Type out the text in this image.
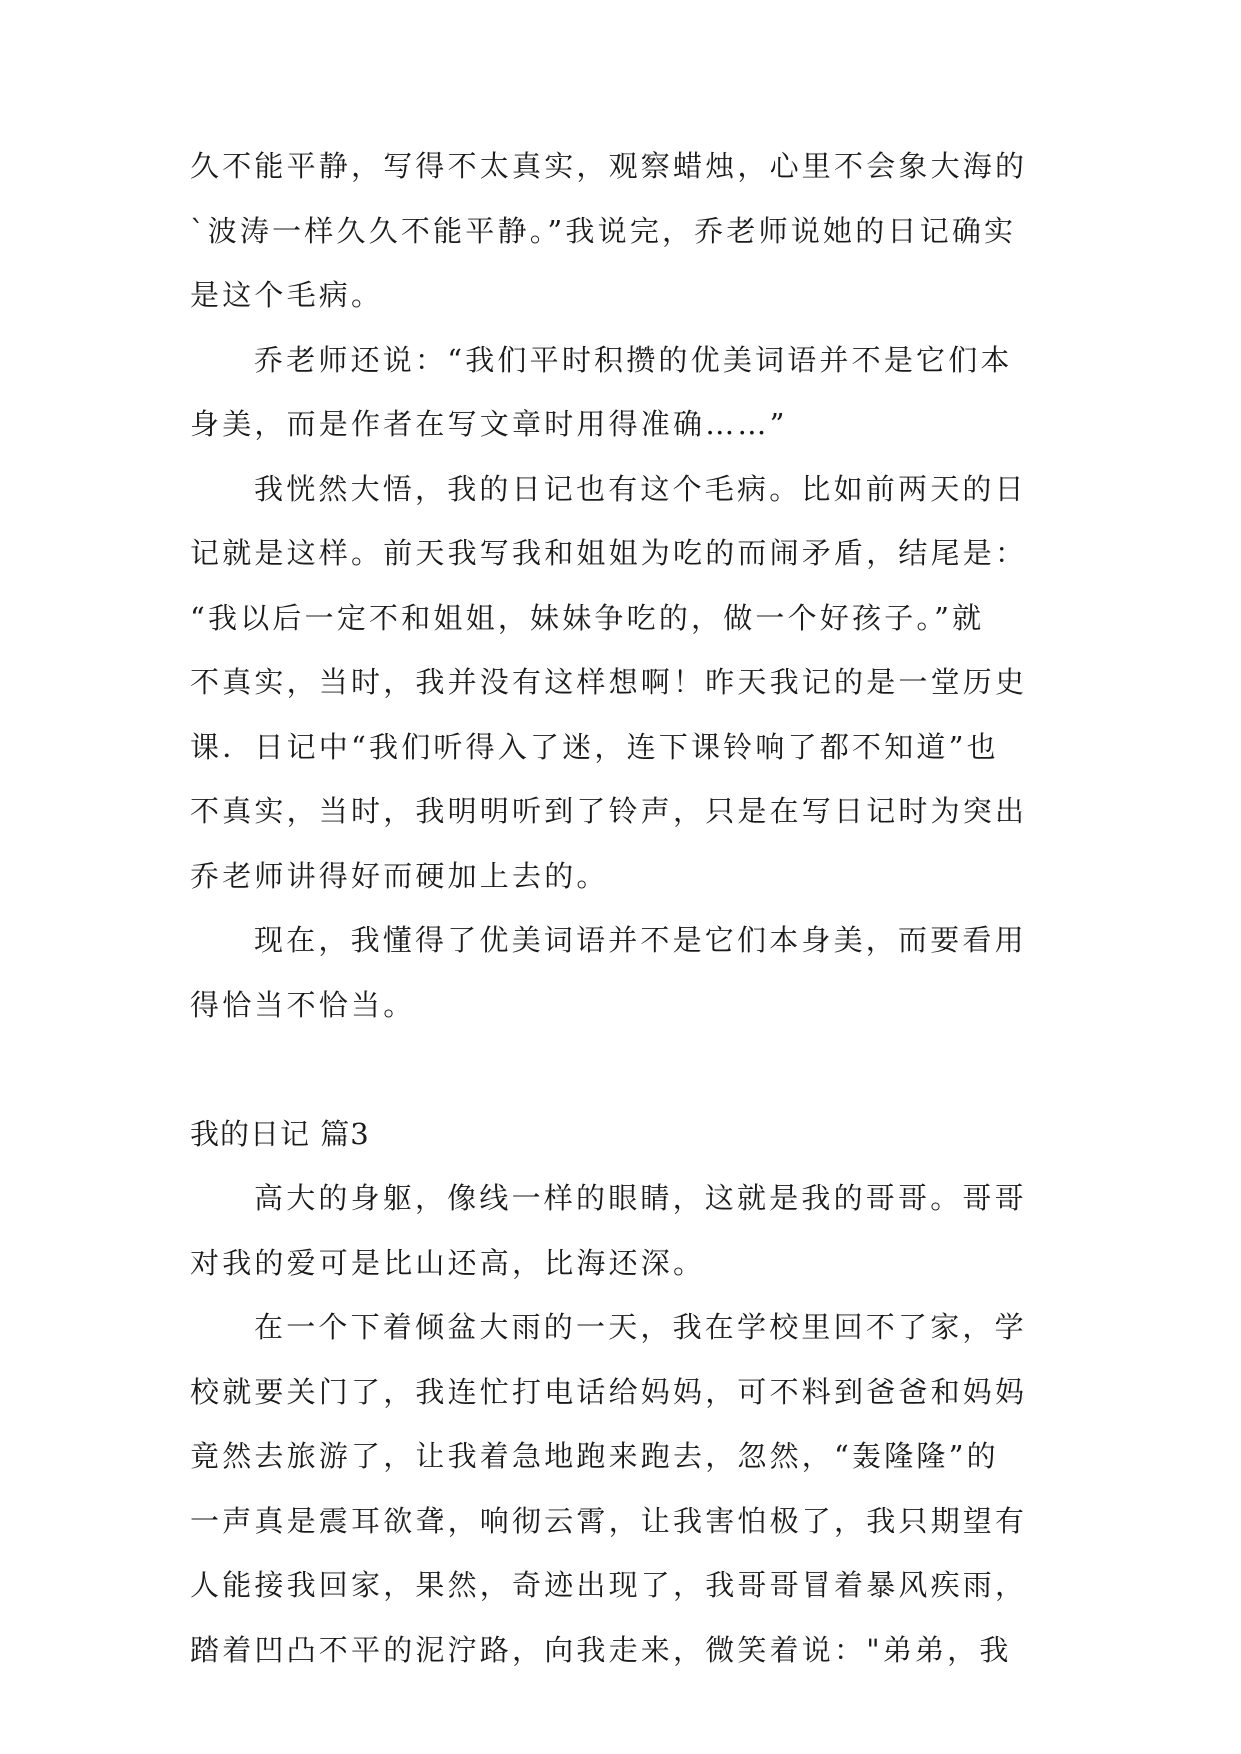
久不能平静，写得不太真实，观察蜡烛，心里不会象大海的
`波涛一样久久不能平静。”我说完，乔老师说她的日记确实
是这个毛病。
乔老师还说：“我们平时积攒的优美词语并不是它们本
身美，而是作者在写文章时用得准确……”
我恍然大悟，我的日记也有这个毛病。比如前两天的日
记就是这样。前天我写我和姐姐为吃的而闹矛盾，结尾是：
“我以后一定不和姐姐，妹妹争吃的，做一个好孩子。”就
不真实，当时，我并没有这样想啊！昨天我记的是一堂历史
课．日记中“我们听得入了迷，连下课铃响了都不知道”也
不真实，当时，我明明听到了铃声，只是在写日记时为突出
乔老师讲得好而硬加上去的。
现在，我懂得了优美词语并不是它们本身美，而要看用
得恰当不恰当。
我的日记 篇3
高大的身躯，像线一样的眼睛，这就是我的哥哥。哥哥
对我的爱可是比山还高，比海还深。
在一个下着倾盆大雨的一天，我在学校里回不了家，学
校就要关门了，我连忙打电话给妈妈，可不料到爸爸和妈妈
竟然去旅游了，让我着急地跑来跑去，忽然，“轰隆隆”的
一声真是震耳欲聋，响彻云霄，让我害怕极了，我只期望有
人能接我回家，果然，奇迹出现了，我哥哥冒着暴风疾雨，
踏着凹凸不平的泥泞路，向我走来，微笑着说："弟弟，我
